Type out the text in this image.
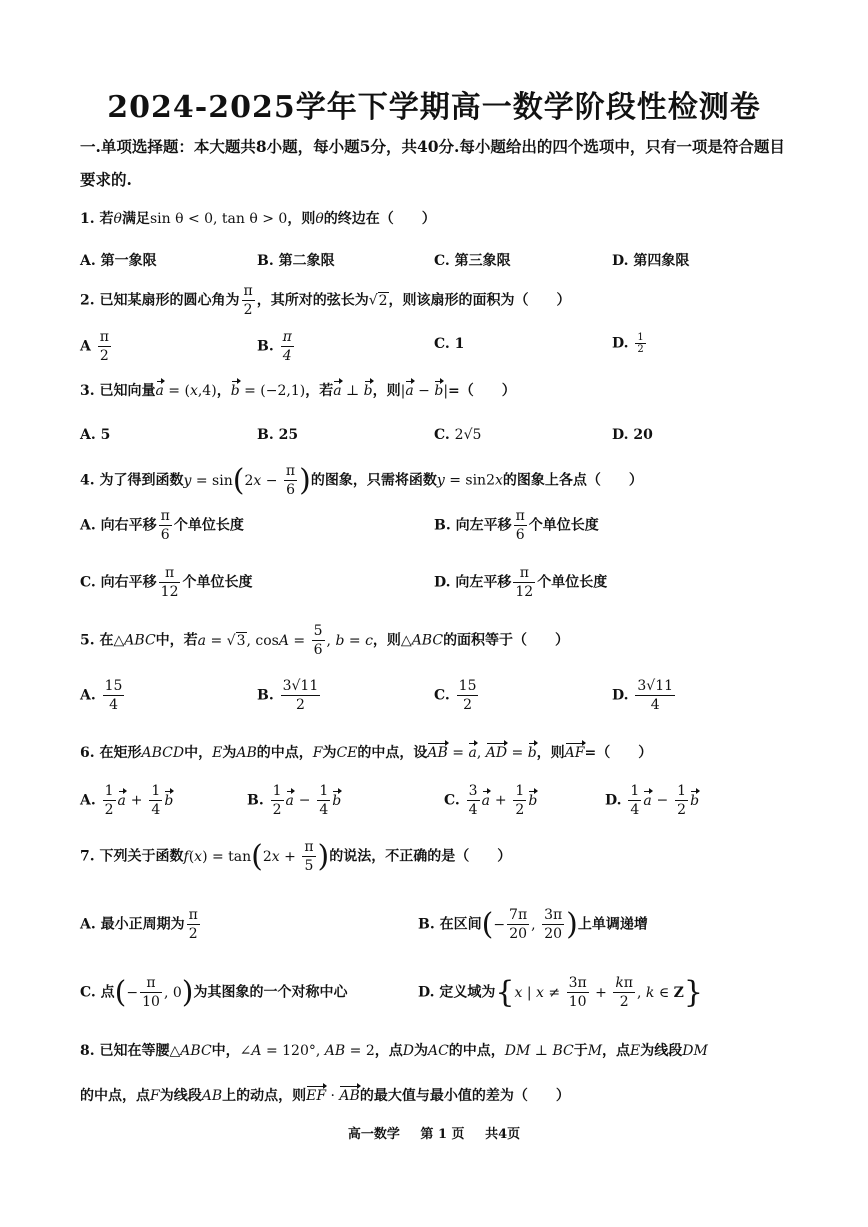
2024-2025学年下学期高一数学阶段性检测卷
一.单项选择题：本大题共8小题，每小题5分，共40分.每小题给出的四个选项中，只有一项是符合题目要求的.
1. 若θ满足sin θ < 0, tan θ > 0，则θ的终边在（　　）
A. 第一象限	B. 第二象限	C. 第三象限	D. 第四象限
2. 已知某扇形的圆心角为 $\frac{\pi}{2}$ ，其所对的弦长为√2，则该扇形的面积为（　　）
A $\frac{\pi}{2}$	B. $\frac{\pi}{4}$	C. 1	D. $\frac{1}{2}$
3. 已知向量a = (x,4)，b = (−2,1)，若a ⊥ b，则|a − b|=（　　）
A. 5	B. 25	C. 2√5	D. 20
4. 为了得到函数$y = \sin(2x - \frac{\pi}{6}$ )的图象，只需将函数y = sin2x的图象上各点（　　）
A. 向右平移 $\frac{\pi}{6}$ 个单位长度	B. 向左平移 $\frac{\pi}{6}$ 个单位长度
C. 向右平移 $\frac{\pi}{12}$ 个单位长度	D. 向左平移 $\frac{\pi}{12}$ 个单位长度
5. 在△ABC中，若a = √3, $\cos A = \frac{5}{6}$ , b = c，则△ABC的面积等于（　　）
A. $\frac{15}{4}$	B. $\frac{3√11}{2}$	C. $\frac{15}{2}$	D. $\frac{3√11}{4}$
6. 在矩形ABCD中，E为AB的中点，F为CE的中点，设AB = a, AD = b，则AF=（　　）
A. $\frac{1}{2}$ $a + \frac{1}{4}$ b	B. $\frac{1}{2}$ $a - \frac{1}{4}$ b	C. $\frac{3}{4}$ $a + \frac{1}{2}$ b	D. $\frac{1}{4}$ $a - \frac{1}{2}$ b
7. 下列关于函数$f(x) = \tan(2x + \frac{\pi}{5}$ )的说法，不正确的是（　　）
A. 最小正周期为 $\frac{\pi}{2}$	B. 在区间(− $\frac{7\pi}{20}$ , $\frac{3\pi}{20}$ )上单调递增
C. 点(− $\frac{\pi}{10}$ , 0)为其图象的一个对称中心	D. 定义域为{x | $x \ne \frac{3\pi}{10} + \frac{k\pi}{2}$ , k ∈ Z}
8. 已知在等腰△ABC中，∠A = 120°, AB = 2，点D为AC的中点，DM ⊥ BC于M，点E为线段DM
的中点，点F为线段AB上的动点，则EF · AB的最大值与最小值的差为（　　）
高一数学 第 1 页 共4页
